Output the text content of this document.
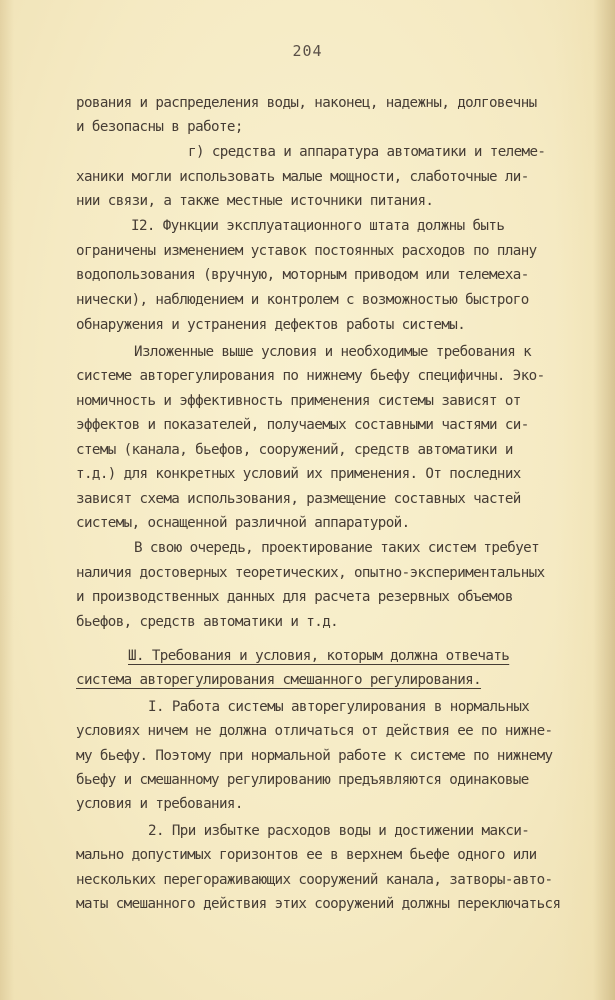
204
рования и распределения воды, наконец, надежны, долговечны
и безопасны в работе;
г) средства и аппаратура автоматики и телеме-
ханики могли использовать малые мощности, слаботочные ли-
нии связи, а также местные источники питания.
I2. Функции эксплуатационного штата должны быть
ограничены изменением уставок постоянных расходов по плану
водопользования (вручную, моторным приводом или телемеха-
нически), наблюдением и контролем с возможностью быстрого
обнаружения и устранения дефектов работы системы.
Изложенные выше условия и необходимые требования к
системе авторегулирования по нижнему бьефу специфичны. Эко-
номичность и эффективность применения системы зависят от
эффектов и показателей, получаемых составными частями си-
стемы (канала, бьефов, сооружений, средств автоматики и
т.д.) для конкретных условий их применения. От последних
зависят схема использования, размещение составных частей
системы, оснащенной различной аппаратурой.
В свою очередь, проектирование таких систем требует
наличия достоверных теоретических, опытно-экспериментальных
и производственных данных для расчета резервных объемов
бьефов, средств автоматики и т.д.
Ш. Требования и условия, которым должна отвечать
система авторегулирования смешанного регулирования.
I. Работа системы авторегулирования в нормальных
условиях ничем не должна отличаться от действия ее по нижне-
му бьефу. Поэтому при нормальной работе к системе по нижнему
бьефу и смешанному регулированию предъявляются одинаковые
условия и требования.
2. При избытке расходов воды и достижении макси-
мально допустимых горизонтов ее в верхнем бьефе одного или
нескольких перегораживающих сооружений канала, затворы-авто-
маты смешанного действия этих сооружений должны переключаться
